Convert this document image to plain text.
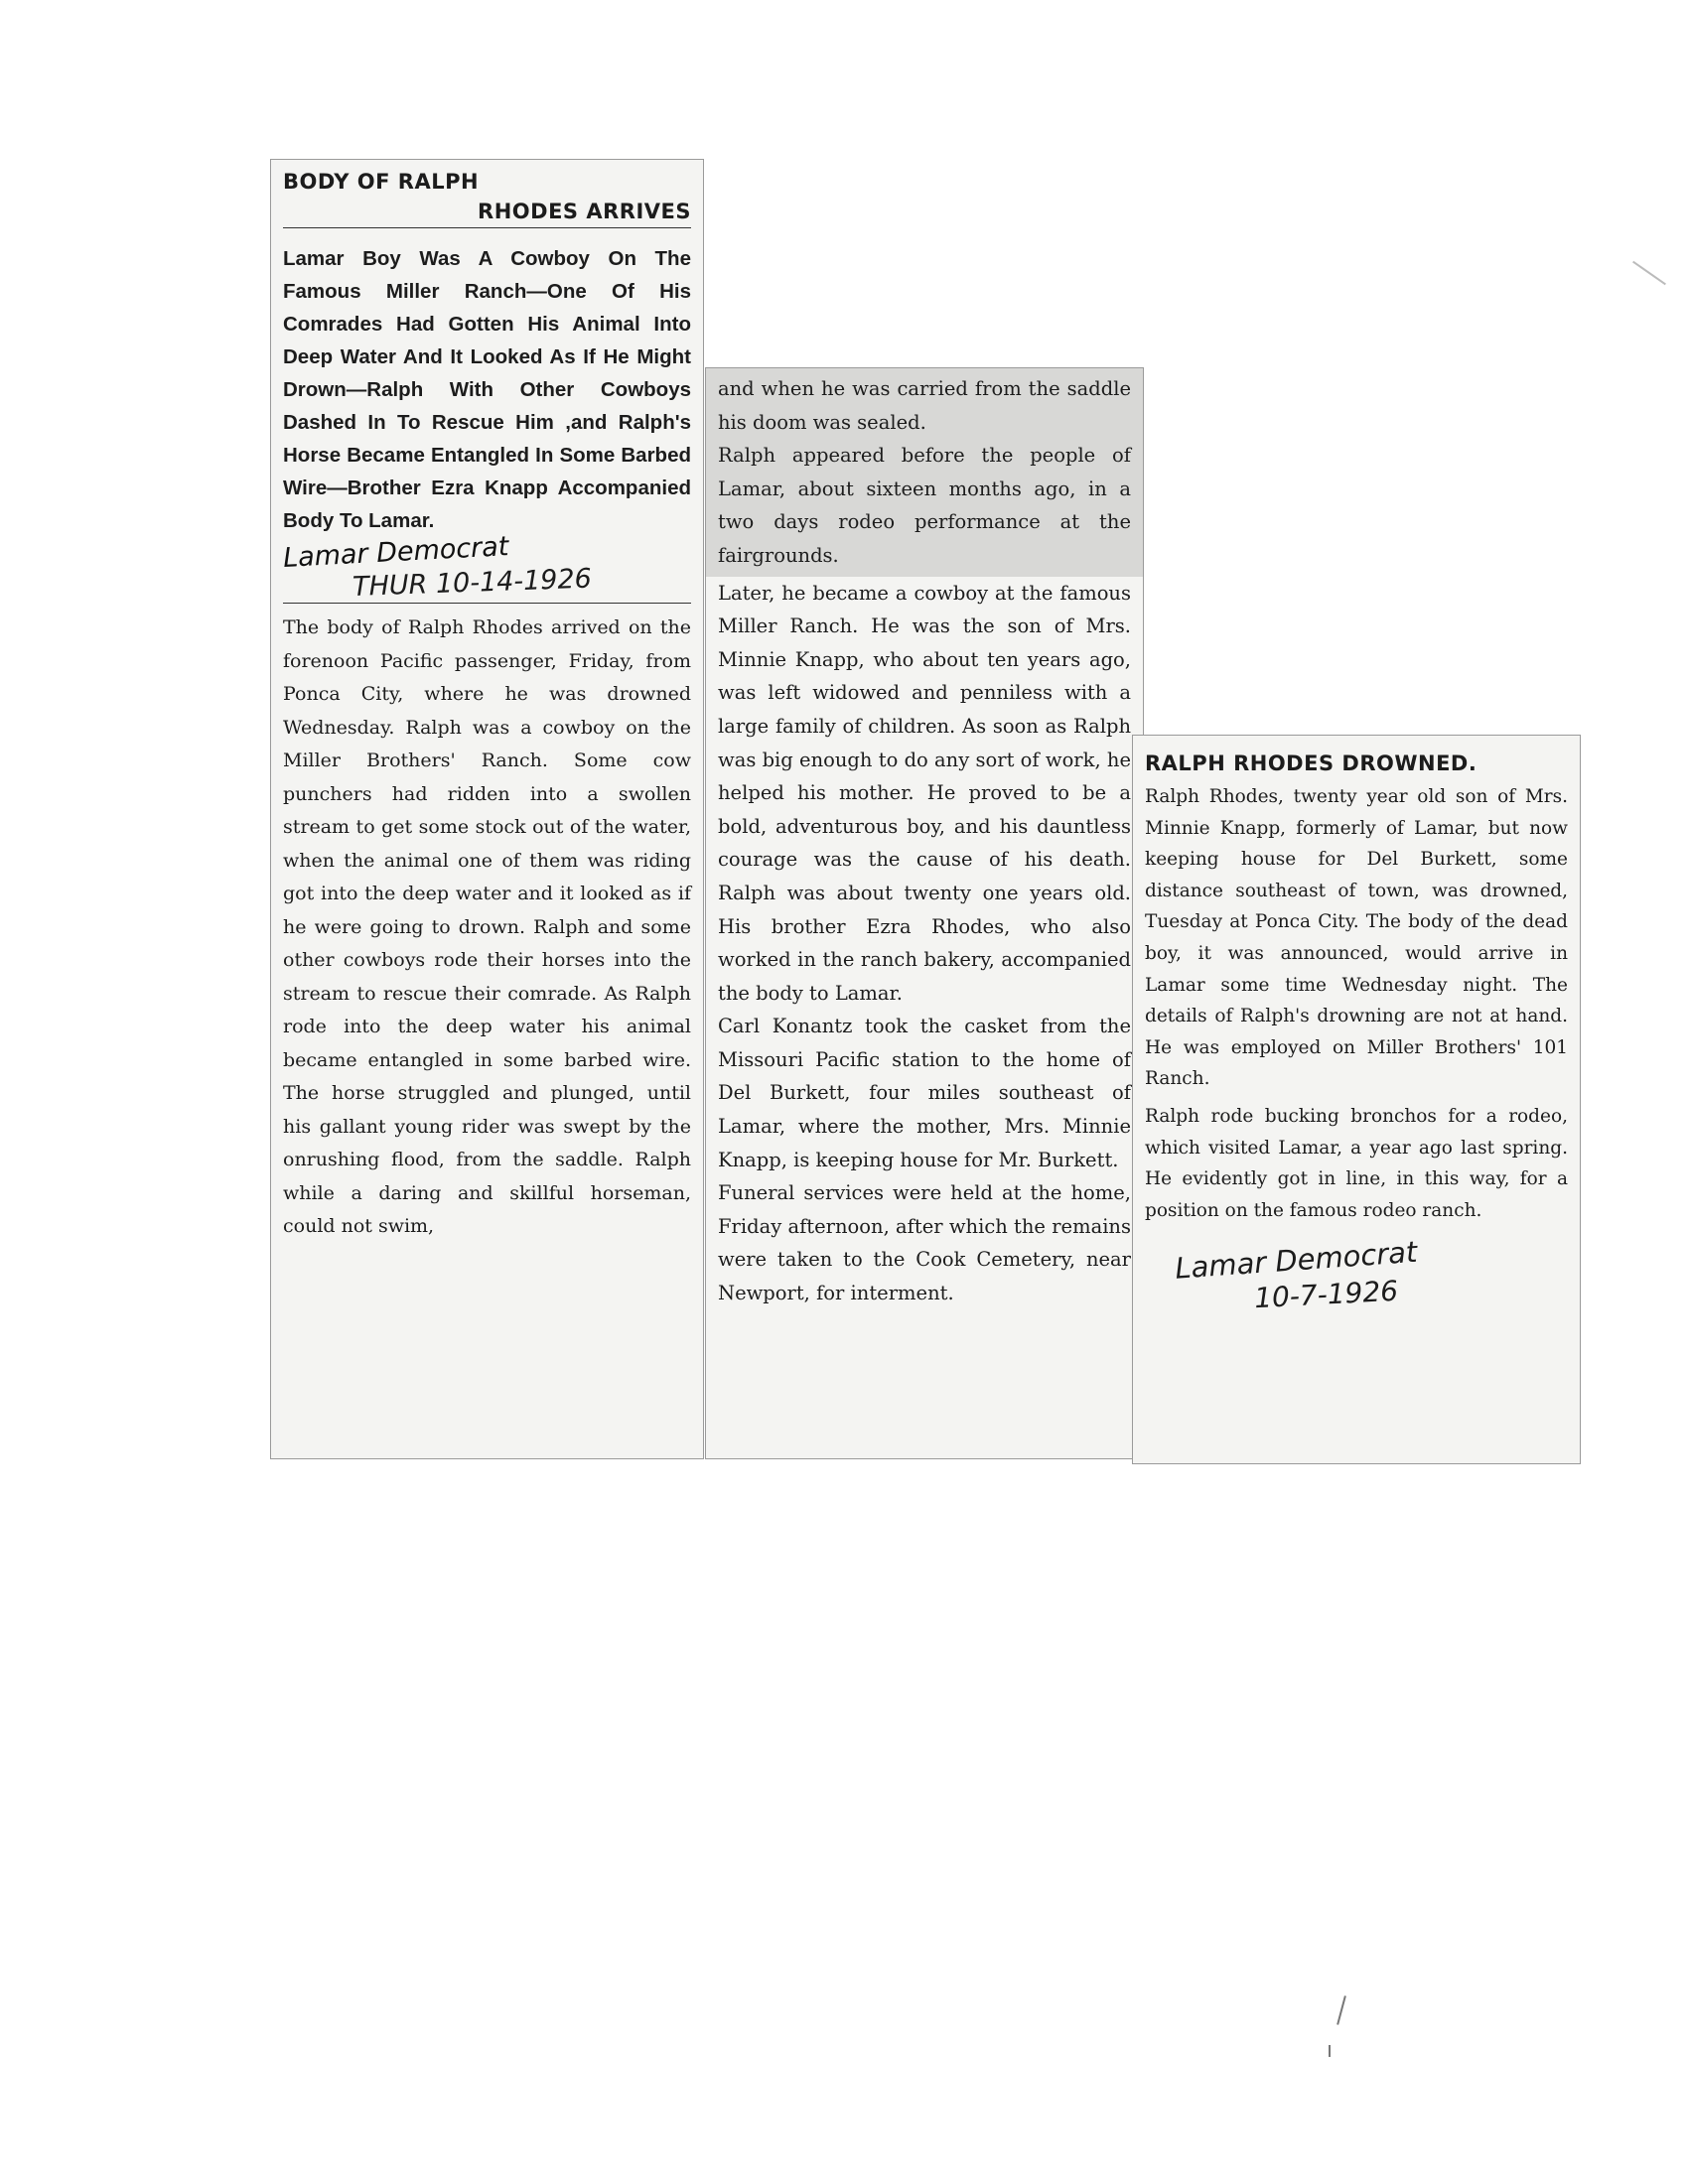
BODY OF RALPH
RHODES ARRIVES

Lamar Boy Was A Cowboy On The Famous Miller Ranch—One Of His Comrades Had Gotten His Animal Into Deep Water And It Looked As If He Might Drown—Ralph With Other Cowboys Dashed In To Rescue Him ,and Ralph's Horse Became Entangled In Some Barbed Wire—Brother Ezra Knapp Accompanied Body To Lamar.

Lamar Democrat
THUR 10-14-1926

The body of Ralph Rhodes arrived on the forenoon Pacific passenger, Friday, from Ponca City, where he was drowned Wednesday. Ralph was a cowboy on the Miller Brothers' Ranch. Some cow punchers had ridden into a swollen stream to get some stock out of the water, when the animal one of them was riding got into the deep water and it looked as if he were going to drown. Ralph and some other cowboys rode their horses into the stream to rescue their comrade. As Ralph rode into the deep water his animal became entangled in some barbed wire. The horse struggled and plunged, until his gallant young rider was swept by the onrushing flood, from the saddle. Ralph while a daring and skillful horseman, could not swim,

and when he was carried from the saddle his doom was sealed.

Ralph appeared before the people of Lamar, about sixteen months ago, in a two days rodeo performance at the fairgrounds.

Later, he became a cowboy at the famous Miller Ranch. He was the son of Mrs. Minnie Knapp, who about ten years ago, was left widowed and penniless with a large family of children. As soon as Ralph was big enough to do any sort of work, he helped his mother. He proved to be a bold, adventurous boy, and his dauntless courage was the cause of his death. Ralph was about twenty one years old. His brother Ezra Rhodes, who also worked in the ranch bakery, accompanied the body to Lamar.

Carl Konantz took the casket from the Missouri Pacific station to the home of Del Burkett, four miles southeast of Lamar, where the mother, Mrs. Minnie Knapp, is keeping house for Mr. Burkett.

Funeral services were held at the home, Friday afternoon, after which the remains were taken to the Cook Cemetery, near Newport, for interment.

RALPH RHODES DROWNED.

Ralph Rhodes, twenty year old son of Mrs. Minnie Knapp, formerly of Lamar, but now keeping house for Del Burkett, some distance southeast of town, was drowned, Tuesday at Ponca City. The body of the dead boy, it was announced, would arrive in Lamar some time Wednesday night. The details of Ralph's drowning are not at hand. He was employed on Miller Brothers' 101 Ranch.

Ralph rode bucking bronchos for a rodeo, which visited Lamar, a year ago last spring. He evidently got in line, in this way, for a position on the famous rodeo ranch.

Lamar Democrat
10-7-1926
